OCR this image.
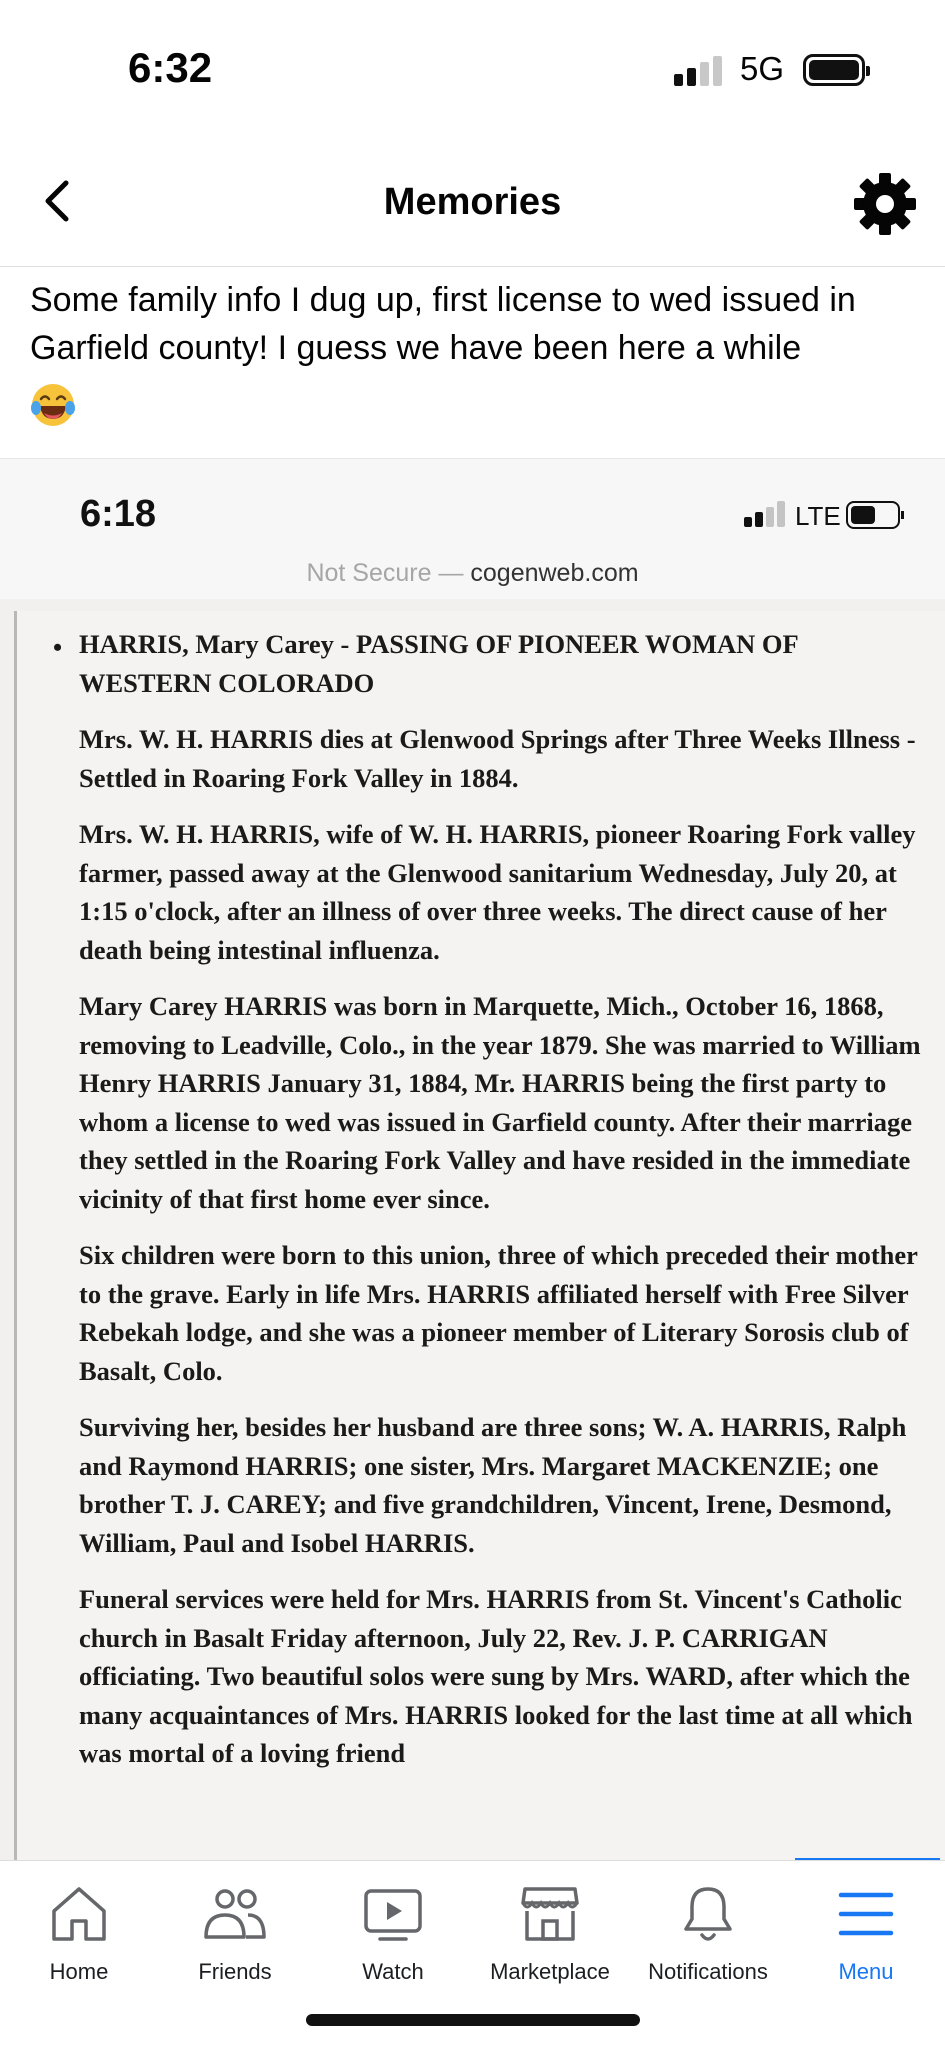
6:32	5G
Memories
Some family info I dug up, first license to wed issued in Garfield county! I guess we have been here a while
6:18	LTE
Not Secure — cogenweb.com
• HARRIS, Mary Carey - PASSING OF PIONEER WOMAN OF WESTERN COLORADO

Mrs. W. H. HARRIS dies at Glenwood Springs after Three Weeks Illness - Settled in Roaring Fork Valley in 1884.

Mrs. W. H. HARRIS, wife of W. H. HARRIS, pioneer Roaring Fork valley farmer, passed away at the Glenwood sanitarium Wednesday, July 20, at 1:15 o'clock, after an illness of over three weeks. The direct cause of her death being intestinal influenza.

Mary Carey HARRIS was born in Marquette, Mich., October 16, 1868, removing to Leadville, Colo., in the year 1879. She was married to William Henry HARRIS January 31, 1884, Mr. HARRIS being the first party to whom a license to wed was issued in Garfield county. After their marriage they settled in the Roaring Fork Valley and have resided in the immediate vicinity of that first home ever since.

Six children were born to this union, three of which preceded their mother to the grave. Early in life Mrs. HARRIS affiliated herself with Free Silver Rebekah lodge, and she was a pioneer member of Literary Sorosis club of Basalt, Colo.

Surviving her, besides her husband are three sons; W. A. HARRIS, Ralph and Raymond HARRIS; one sister, Mrs. Margaret MACKENZIE; one brother T. J. CAREY; and five grandchildren, Vincent, Irene, Desmond, William, Paul and Isobel HARRIS.

Funeral services were held for Mrs. HARRIS from St. Vincent's Catholic church in Basalt Friday afternoon, July 22, Rev. J. P. CARRIGAN officiating. Two beautiful solos were sung by Mrs. WARD, after which the many acquaintances of Mrs. HARRIS looked for the last time at all which was mortal of a loving friend

Home	Friends	Watch	Marketplace	Notifications	Menu
